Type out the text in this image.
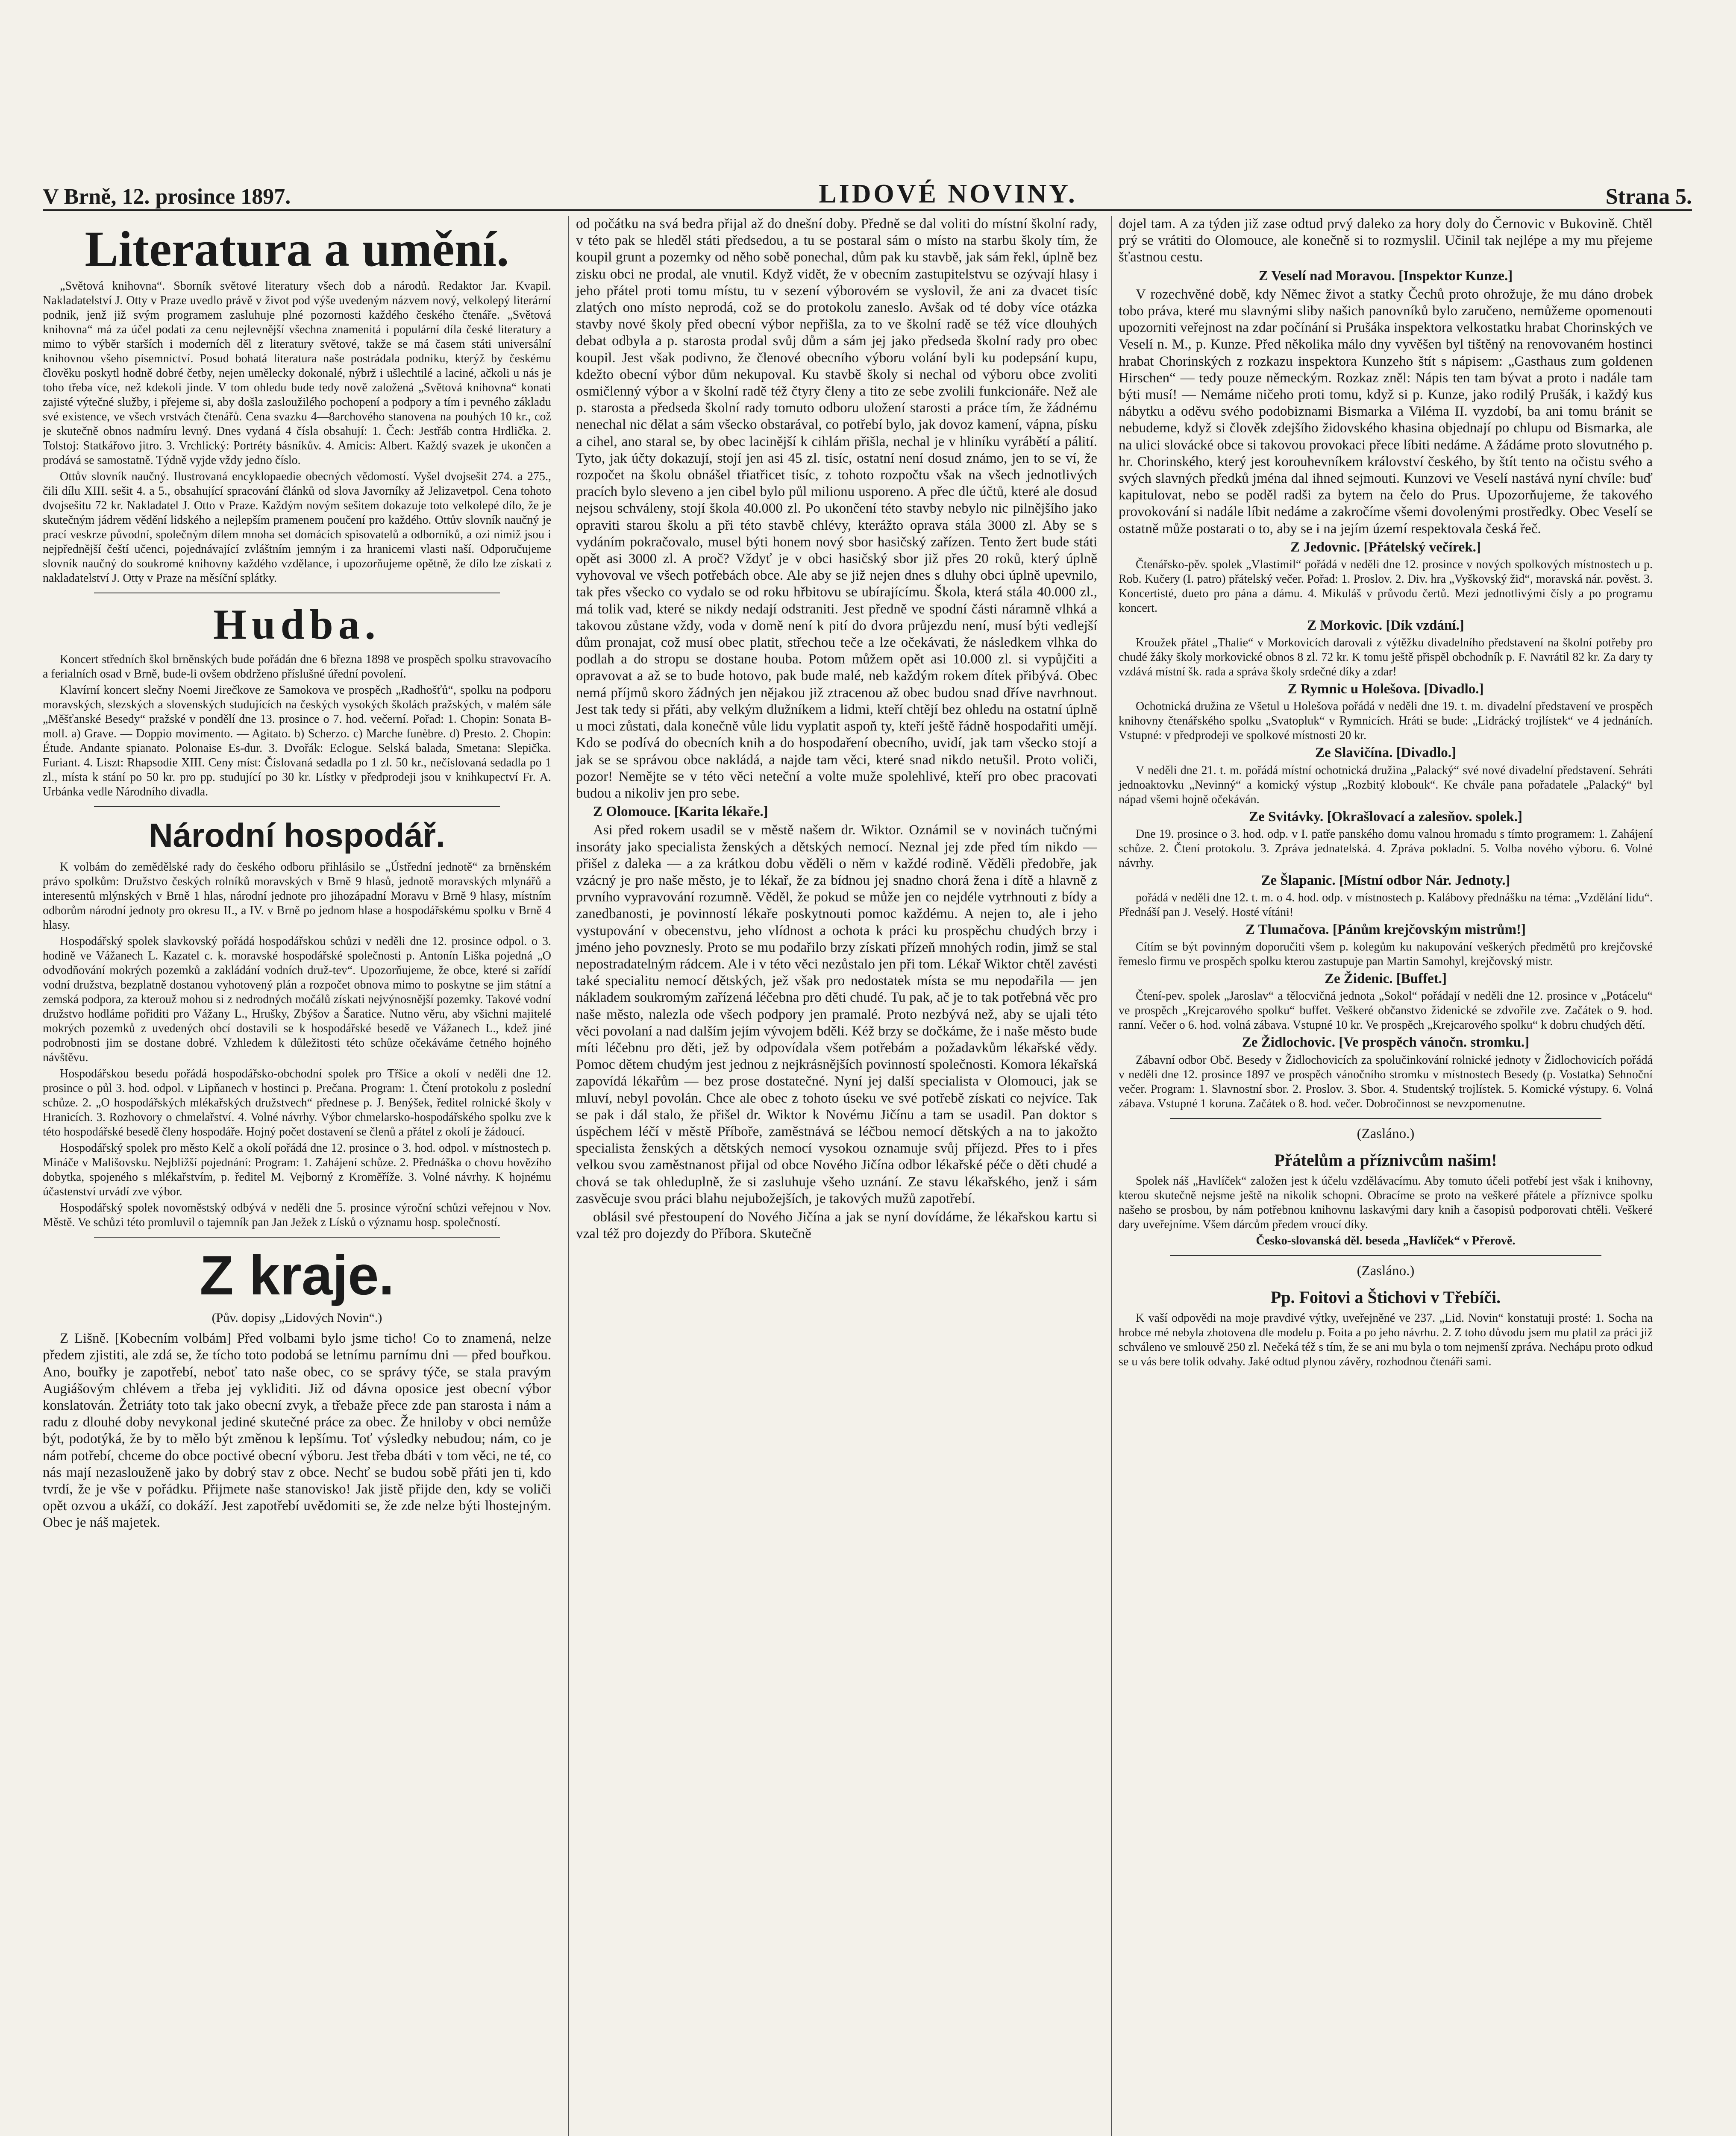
V Brně, 12. prosince 1897.	LIDOVÉ NOVINY.	Strana 5.
Literatura a umění.

„Světová knihovna“. Sborník světové literatury všech dob a národů. Redaktor Jar. Kvapil. Nakladatelství J. Otty v Praze uvedlo právě v život pod výše uvedeným názvem nový, velkolepý literární podnik, jenž již svým programem zasluhuje plné pozornosti každého českého čtenáře. „Světová knihovna“ má za účel podati za cenu nejlevnější všechna znamenitá i populární díla české literatury a mimo to výběr starších i moderních děl z literatury světové, takže se má časem státi universální knihovnou všeho písemnictví. Posud bohatá literatura naše postrádala podniku, kterýž by českému člověku poskytl hodně dobré četby, nejen umělecky dokonalé, nýbrž i ušlechtilé a laciné, ačkoli u nás je toho třeba více, než kdekoli jinde. V tom ohledu bude tedy nově založená „Světová knihovna“ konati zajisté výtečné služby, i přejeme si, aby došla zasloužilého pochopení a podpory a tím i pevného základu své existence, ve všech vrstvách čtenářů. Cena svazku 4—8archového stanovena na pouhých 10 kr., což je skutečně obnos nadmíru levný. Dnes vydaná 4 čísla obsahují: 1. Čech: Jestřáb contra Hrdlička. 2. Tolstoj: Statkářovo jitro. 3. Vrchlický: Portréty básníkův. 4. Amicis: Albert. Každý svazek je ukončen a prodává se samostatně. Týdně vyjde vždy jedno číslo.

Ottův slovník naučný. Ilustrovaná encyklopaedie obecných vědomostí. Vyšel dvojsešit 274. a 275., čili dílu XIII. sešit 4. a 5., obsahující spracování článků od slova Javorníky až Jelizavetpol. Cena tohoto dvojsešitu 72 kr. Nakladatel J. Otto v Praze. Každým novým sešitem dokazuje toto velkolepé dílo, že je skutečným jádrem vědění lidského a nejlepším pramenem poučení pro každého. Ottův slovník naučný je prací veskrze původní, společným dílem mnoha set domácích spisovatelů a odborníků, a ozi nimiž jsou i nejpřednější čeští učenci, pojednávající zvláštním jemným i za hranicemi vlasti naší. Odporučujeme slovník naučný do soukromé knihovny každého vzdělance, i upozorňujeme opětně, že dílo lze získati z nakladatelství J. Otty v Praze na měsíční splátky.

Hudba.

Koncert středních škol brněnských bude pořádán dne 6 března 1898 ve prospěch spolku stravovacího a ferialních osad v Brně, bude-li ovšem obdrženo příslušné úřední povolení.

Klavírní koncert slečny Noemi Jirečkove ze Samokova ve prospěch „Radhošťů“, spolku na podporu moravských, slezských a slovenských studujících na českých vysokých školách pražských, v malém sále „Měšťanské Besedy“ pražské v pondělí dne 13. prosince o 7. hod. večerní. Pořad: 1. Chopin: Sonata B-moll. a) Grave. — Doppio movimento. — Agitato. b) Scherzo. c) Marche funèbre. d) Presto. 2. Chopin: Étude. Andante spianato. Polonaise Es-dur. 3. Dvořák: Eclogue. Selská balada, Smetana: Slepička. Furiant. 4. Liszt: Rhapsodie XIII. Ceny míst: Číslovaná sedadla po 1 zl. 50 kr., nečíslovaná sedadla po 1 zl., místa k stání po 50 kr. pro pp. studující po 30 kr. Lístky v předprodeji jsou v knihkupectví Fr. A. Urbánka vedle Národního divadla.

Národní hospodář.

K volbám do zemědělské rady do českého odboru přihlásilo se „Ústřední jednotě“ za brněnském právo spolkům: Družstvo českých rolníků moravských v Brně 9 hlasů, jednotě moravských mlynářů a interesentů mlýnských v Brně 1 hlas, národní jednote pro jihozápadní Moravu v Brně 9 hlasy, místním odborům národní jednoty pro okresu II., a IV. v Brně po jednom hlase a hospodářskému spolku v Brně 4 hlasy.

Hospodářský spolek slavkovský pořádá hospodářskou schůzi v neděli dne 12. prosince odpol. o 3. hodině ve Vážanech L. Kazatel c. k. moravské hospodářské společnosti p. Antonín Liška pojedná „O odvodňování mokrých pozemků a zakládání vodních druž-tev“. Upozorňujeme, že obce, které si zařídí vodní družstva, bezplatně dostanou vyhotovený plán a rozpočet obnova mimo to poskytne se jim státní a zemská podpora, za kterouž mohou si z nedrodných močálů získati nejvýnosnější pozemky. Takové vodní družstvo hodláme pořiditi pro Vážany L., Hrušky, Zbýšov a Šaratice. Nutno věru, aby všichni majitelé mokrých pozemků z uvedených obcí dostavili se k hospodářské besedě ve Vážanech L., kdež jiné podrobnosti jim se dostane dobré. Vzhledem k důležitosti této schůze očekáváme četného hojného návštěvu.

Hospodářskou besedu pořádá hospodářsko-obchodní spolek pro Třšice a okolí v neděli dne 12. prosince o půl 3. hod. odpol. v Lipňanech v hostinci p. Prečana. Program: 1. Čtení protokolu z poslední schůze. 2. „O hospodářských mlékařských družstvech“ přednese p. J. Benýšek, ředitel rolnické školy v Hranicích. 3. Rozhovory o chmelařství. 4. Volné návrhy. Výbor chmelarsko-hospodářského spolku zve k této hospodářské besedě členy hospodáře. Hojný počet dostavení se členů a přátel z okolí je žádoucí.

Hospodářský spolek pro město Kelč a okolí pořádá dne 12. prosince o 3. hod. odpol. v místnostech p. Mináče v Mališovsku. Nejbližší pojednání: Program: 1. Zahájení schůze. 2. Přednáška o chovu hovězího dobytka, spojeného s mlékařstvím, p. ředitel M. Vejborný z Kroměříže. 3. Volné návrhy. K hojnému účastenství urvádí zve výbor.

Hospodářský spolek novoměstský odbývá v neděli dne 5. prosince výroční schůzi veřejnou v Nov. Městě. Ve schůzi této promluvil o tajemník pan Jan Ježek z Lísků o významu hosp. společností.

Z kraje.
(Pův. dopisy „Lidových Novin“.)

Z Lišně. [Kobecním volbám] Před volbami bylo jsme ticho! Co to znamená, nelze předem zjistiti, ale zdá se, že tícho toto podobá se letnímu parnímu dni — před bouřkou. Ano, bouřky je zapotřebí, neboť tato naše obec, co se správy týče, se stala pravým Augiášovým chlévem a třeba jej vykliditi. Již od dávna oposice jest obecní výbor konslatován. Žetriáty toto tak jako obecní zvyk, a třebaže přece zde pan starosta i nám a radu z dlouhé doby nevykonal jediné skutečné práce za obec. Že hniloby v obci nemůže být, podotýká, že by to mělo být změnou k lepšímu. Toť výsledky nebudou; nám, co je nám potřebí, chceme do obce poctivé obecní výboru. Jest třeba dbáti v tom věci, ne té, co nás mají nezaslouženě jako by dobrý stav z obce. Nechť se budou sobě přáti jen ti, kdo tvrdí, že je vše v pořádku. Přijmete naše stanovisko! Jak jistě přijde den, kdy se voliči opět ozvou a ukáží, co dokáží. Jest zapotřebí uvědomiti se, že zde nelze býti lhostejným. Obec je náš majetek.

od počátku na svá bedra přijal až do dnešní doby. Předně se dal voliti do místní školní rady, v této pak se hleděl státi předsedou, a tu se postaral sám o místo na starbu školy tím, že koupil grunt a pozemky od něho sobě ponechal, dům pak ku stavbě, jak sám řekl, úplně bez zisku obci ne prodal, ale vnutil. Když vidět, že v obecním zastupitelstvu se ozývají hlasy i jeho přátel proti tomu místu, tu v sezení výborovém se vyslovil, že ani za dvacet tisíc zlatých ono místo neprodá, což se do protokolu zaneslo. Avšak od té doby více otázka stavby nové školy před obecní výbor nepřišla, za to ve školní radě se též více dlouhých debat odbyla a p. starosta prodal svůj dům a sám jej jako předseda školní rady pro obec koupil. Jest však podivno, že členové obecního výboru volání byli ku podepsání kupu, kdežto obecní výbor dům nekupoval. Ku stavbě školy si nechal od výboru obce zvoliti osmičlenný výbor a v školní radě též čtyry členy a tito ze sebe zvolili funkcionáře. Než ale p. starosta a předseda školní rady tomuto odboru uložení starosti a práce tím, že žádnému nenechal nic dělat a sám všecko obstarával, co potřebí bylo, jak dovoz kamení, vápna, písku a cihel, ano staral se, by obec lacinější k cihlám přišla, nechal je v hliníku vyrábětí a pálití. Tyto, jak účty dokazují, stojí jen asi 45 zl. tisíc, ostatní není dosud známo, jen to se ví, že rozpočet na školu obnášel třiatřicet tisíc, z tohoto rozpočtu však na všech jednotlivých pracích bylo sleveno a jen cibel bylo půl milionu usporeno. A přec dle účtů, které ale dosud nejsou schváleny, stojí škola 40.000 zl. Po ukončení této stavby nebylo nic pilnějšího jako opraviti starou školu a při této stavbě chlévy, kterážto oprava stála 3000 zl. Aby se s vydáním pokračovalo, musel býti honem nový sbor hasičský zařízen. Tento žert bude státi opět asi 3000 zl. A proč? Vždyť je v obci hasičský sbor již přes 20 roků, který úplně vyhovoval ve všech potřebách obce. Ale aby se již nejen dnes s dluhy obci úplně upevnilo, tak přes všecko co vydalo se od roku hřbitovu se ubírajícímu. Škola, která stála 40.000 zl., má tolik vad, které se nikdy nedají odstraniti. Jest předně ve spodní části náramně vlhká a takovou zůstane vždy, voda v domě není k pití do dvora průjezdu není, musí býti vedlejší dům pronajat, což musí obec platit, střechou teče a lze očekávati, že následkem vlhka do podlah a do stropu se dostane houba. Potom můžem opět asi 10.000 zl. si vypůjčiti a opravovat a až se to bude hotovo, pak bude malé, neb každým rokem dítek přibývá. Obec nemá příjmů skoro žádných jen nějakou již ztracenou až obec budou snad dříve navrhnout. Jest tak tedy si přáti, aby velkým dlužníkem a lidmi, kteří chtějí bez ohledu na ostatní úplně u moci zůstati, dala konečně vůle lidu vyplatit aspoň ty, kteří ještě řádně hospodařiti umějí. Kdo se podívá do obecních knih a do hospodaření obecního, uvidí, jak tam všecko stojí a jak se se správou obce nakládá, a najde tam věci, které snad nikdo netušil. Proto voliči, pozor! Nemějte se v této věci neteční a volte muže spolehlivé, kteří pro obec pracovati budou a nikoliv jen pro sebe.

Z Olomouce. [Karita lékaře.]

Asi před rokem usadil se v městě našem dr. Wiktor. Oznámil se v novinách tučnými insoráty jako specialista ženských a dětských nemocí. Neznal jej zde před tím nikdo — přišel z daleka — a za krátkou dobu věděli o něm v každé rodině. Věděli předobře, jak vzácný je pro naše město, je to lékař, že za bídnou jej snadno chorá žena i dítě a hlavně z prvního vypravování rozumně. Věděl, že pokud se může jen co nejdéle vytrhnouti z bídy a zanedbanosti, je povinností lékaře poskytnouti pomoc každému. A nejen to, ale i jeho vystupování v obecenstvu, jeho vlídnost a ochota k práci ku prospěchu chudých brzy i jméno jeho povznesly. Proto se mu podařilo brzy získati přízeň mnohých rodin, jimž se stal nepostradatelným rádcem. Ale i v této věci nezůstalo jen při tom. Lékař Wiktor chtěl zavésti také specialitu nemocí dětských, jež však pro nedostatek místa se mu nepodařila — jen nákladem soukromým zařízená léčebna pro děti chudé. Tu pak, ač je to tak potřebná věc pro naše město, nalezla ode všech podpory jen pramalé. Proto nezbývá než, aby se ujali této věci povolaní a nad dalším jejím vývojem bděli. Kéž brzy se dočkáme, že i naše město bude míti léčebnu pro děti, jež by odpovídala všem potřebám a požadavkům lékařské vědy. Pomoc dětem chudým jest jednou z nejkrásnějších povinností společnosti. Komora lékařská zapovídá lékařům — bez prose dostatečné. Nyní jej další specialista v Olomouci, jak se mluví, nebyl povolán. Chce ale obec z tohoto úseku ve své potřebě získati co nejvíce. Tak se pak i dál stalo, že přišel dr. Wiktor k Novému Jičínu a tam se usadil. Pan doktor s úspěchem léčí v městě Příboře, zaměstnává se léčbou nemocí dětských a na to jakožto specialista ženských a dětských nemocí vysokou oznamuje svůj příjezd. Přes to i přes velkou svou zaměstnanost přijal od obce Nového Jičína odbor lékařské péče o děti chudé a chová se tak ohleduplně, že si zasluhuje všeho uznání. Ze stavu lékařského, jenž i sám zasvěcuje svou práci blahu nejubožejších, je takových mužů zapotřebí.

oblásil své přestoupení do Nového Jičína a jak se nyní dovídáme, že lékařskou kartu si vzal též pro dojezdy do Příbora. Skutečně

dojel tam. A za týden již zase odtud prvý daleko za hory doly do Černovic v Bukovině. Chtěl prý se vrátiti do Olomouce, ale konečně si to rozmyslil. Učinil tak nejlépe a my mu přejeme šťastnou cestu.

Z Veselí nad Moravou. [Inspektor Kunze.]

V rozechvěné době, kdy Němec život a statky Čechů proto ohrožuje, že mu dáno drobek tobo práva, které mu slavnými sliby našich panovníků bylo zaručeno, nemůžeme opomenouti upozorniti veřejnost na zdar počínání si Prušáka inspektora velkostatku hrabat Chorinských ve Veselí n. M., p. Kunze. Před několika málo dny vyvěšen byl tištěný na renovovaném hostinci hrabat Chorinských z rozkazu inspektora Kunzeho štít s nápisem: „Gasthaus zum goldenen Hirschen“ — tedy pouze německým. Rozkaz zněl: Nápis ten tam bývat a proto i nadále tam býti musí! — Nemáme ničeho proti tomu, když si p. Kunze, jako rodilý Prušák, i každý kus nábytku a oděvu svého podobiznami Bismarka a Viléma II. vyzdobí, ba ani tomu bránit se nebudeme, když si člověk zdejšího židovského khasina objednají po chlupu od Bismarka, ale na ulici slovácké obce si takovou provokaci přece líbiti nedáme. A žádáme proto slovutného p. hr. Chorinského, který jest korouhevníkem království českého, by štít tento na očistu svého a svých slavných předků jména dal ihned sejmouti. Kunzovi ve Veselí nastává nyní chvíle: buď kapitulovat, nebo se poděl radši za bytem na čelo do Prus. Upozorňujeme, že takového provokování si nadále líbit nedáme a zakročíme všemi dovolenými prostředky. Obec Veselí se ostatně může postarati o to, aby se i na jejím území respektovala česká řeč.

Z Jedovnic. [Přátelský večírek.]

Čtenářsko-pěv. spolek „Vlastimil“ pořádá v neděli dne 12. prosince v nových spolkových místnostech u p. Rob. Kučery (I. patro) přátelský večer. Pořad: 1. Proslov. 2. Div. hra „Vyškovský žid“, moravská nár. pověst. 3. Koncertisté, dueto pro pána a dámu. 4. Mikuláš v průvodu čertů. Mezi jednotlivými čísly a po programu koncert.

Z Morkovic. [Dík vzdání.]

Kroužek přátel „Thalie“ v Morkovicích darovali z výtěžku divadelního představení na školní potřeby pro chudé žáky školy morkovické obnos 8 zl. 72 kr. K tomu ještě přispěl obchodník p. F. Navrátil 82 kr. Za dary ty vzdává místní šk. rada a správa školy srdečné díky a zdar!

Z Rymnic u Holešova. [Divadlo.]

Ochotnická družina ze Všetul u Holešova pořádá v neděli dne 19. t. m. divadelní představení ve prospěch knihovny čtenářského spolku „Svatopluk“ v Rymnicích. Hráti se bude: „Lidrácký trojlístek“ ve 4 jednáních. Vstupné: v předprodeji ve spolkové místnosti 20 kr.

Ze Slavičína. [Divadlo.]

V neděli dne 21. t. m. pořádá místní ochotnická družina „Palacký“ své nové divadelní představení. Sehráti jednoaktovku „Nevinný“ a komický výstup „Rozbitý klobouk“. Ke chvále pana pořadatele „Palacký“ byl nápad všemi hojně očekáván.

Ze Svitávky. [Okrašlovací a zalesňov. spolek.]

Dne 19. prosince o 3. hod. odp. v I. patře panského domu valnou hromadu s tímto programem: 1. Zahájení schůze. 2. Čtení protokolu. 3. Zpráva jednatelská. 4. Zpráva pokladní. 5. Volba nového výboru. 6. Volné návrhy.

Ze Šlapanic. [Místní odbor Nár. Jednoty.]

pořádá v neděli dne 12. t. m. o 4. hod. odp. v místnostech p. Kalábovy přednášku na téma: „Vzdělání lidu“. Přednáší pan J. Veselý. Hosté vítáni!

Z Tlumačova. [Pánům krejčovským mistrům!]

Cítím se být povinným doporučiti všem p. kolegům ku nakupování veškerých předmětů pro krejčovské řemeslo firmu ve prospěch spolku kterou zastupuje pan Martin Samohyl, krejčovský mistr.

Ze Židenic. [Buffet.]

Čtení-pev. spolek „Jaroslav“ a tělocvičná jednota „Sokol“ pořádají v neděli dne 12. prosince v „Potácelu“ ve prospěch „Krejcarového spolku“ buffet. Veškeré občanstvo židenické se zdvořile zve. Začátek o 9. hod. ranní. Večer o 6. hod. volná zábava. Vstupné 10 kr. Ve prospěch „Krejcarového spolku“ k dobru chudých dětí.

Ze Židlochovic. [Ve prospěch vánočn. stromku.]

Zábavní odbor Obč. Besedy v Židlochovicích za spolučinkování rolnické jednoty v Židlochovicích pořádá v neděli dne 12. prosince 1897 ve prospěch vánočního stromku v místnostech Besedy (p. Vostatka) Sehnoční večer. Program: 1. Slavnostní sbor. 2. Proslov. 3. Sbor. 4. Studentský trojlístek. 5. Komické výstupy. 6. Volná zábava. Vstupné 1 koruna. Začátek o 8. hod. večer. Dobročinnost se nevzpomenutne.

(Zasláno.)

Přátelům a příznivcům našim!

Spolek náš „Havlíček“ založen jest k účelu vzdělávacímu. Aby tomuto účeli potřebí jest však i knihovny, kterou skutečně nejsme ještě na nikolik schopni. Obracíme se proto na veškeré přátele a příznivce spolku našeho se prosbou, by nám potřebnou knihovnu laskavými dary knih a časopisů podporovati chtěli. Veškeré dary uveřejníme. Všem dárcům předem vroucí díky.

Česko-slovanská děl. beseda „Havlíček“ v Přerově.

(Zasláno.)

Pp. Foitovi a Štichovi v Třebíči.

K vaší odpovědi na moje pravdivé výtky, uveřejněné ve 237. „Lid. Novin“ konstatuji prosté: 1. Socha na hrobce mé nebyla zhotovena dle modelu p. Foita a po jeho návrhu. 2. Z toho důvodu jsem mu platil za práci již schváleno ve smlouvě 250 zl. Nečeká též s tím, že se ani mu byla o tom nejmenší zpráva. Nechápu proto odkud se u vás bere tolik odvahy. Jaké odtud plynou závěry, rozhodnou čtenáři sami.
